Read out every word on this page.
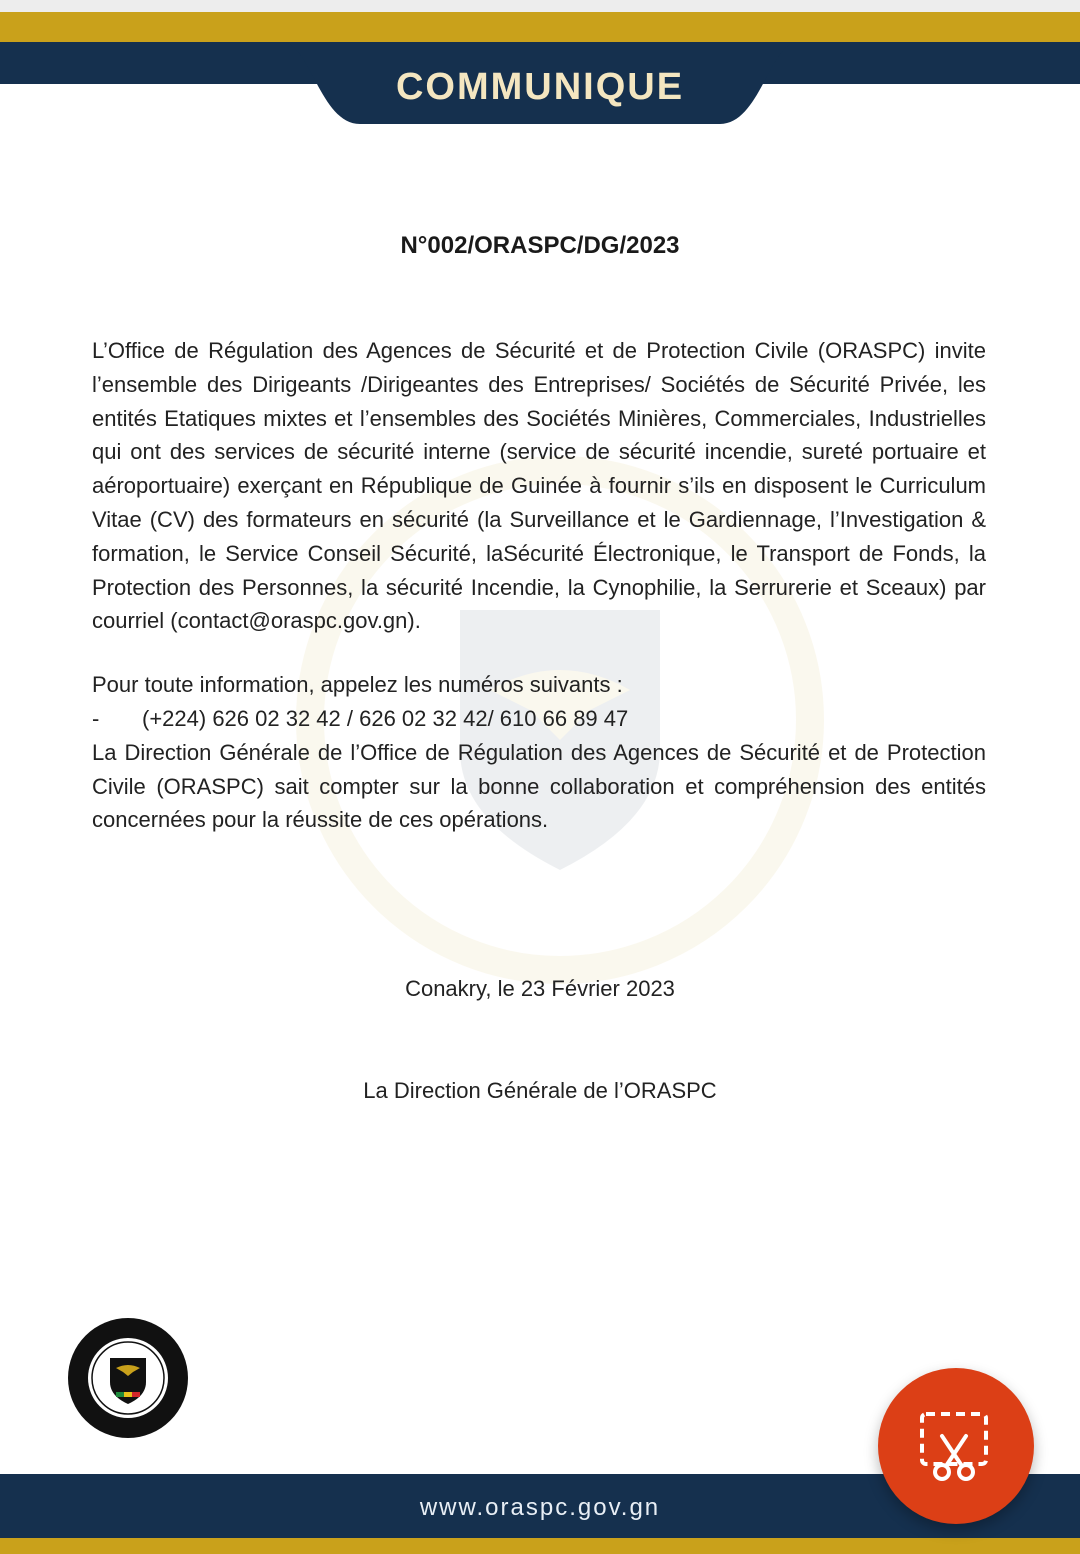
COMMUNIQUE
N°002/ORASPC/DG/2023

L’Office de Régulation des Agences de Sécurité et de Protection Civile (ORASPC) invite l’ensemble des Dirigeants /Dirigeantes des Entreprises/ Sociétés de Sécurité Privée, les entités Etatiques mixtes et l’ensembles des Sociétés Minières, Commerciales, Industrielles qui ont des services de sécurité interne (service de sécurité incendie, sureté portuaire et aéroportuaire) exerçant en République de Guinée à fournir s’ils en disposent le Curriculum Vitae (CV) des formateurs en sécurité (la Surveillance et le Gardiennage, l’Investigation & formation, le Service Conseil Sécurité, laSécurité Électronique, le Transport de Fonds, la Protection des Personnes, la sécurité Incendie, la Cynophilie, la Serrurerie et Sceaux) par courriel (contact@oraspc.gov.gn).

Pour toute information, appelez les numéros suivants :

-	(+224) 626 02 32 42 / 626 02 32 42/ 610 66 89 47

La Direction Générale de l’Office de Régulation des Agences de Sécurité et de Protection Civile (ORASPC) sait compter sur la bonne collaboration et compréhension des entités concernées pour la réussite de ces opérations.

Conakry, le 23 Février 2023
La Direction Générale de l’ORASPC
www.oraspc.gov.gn
